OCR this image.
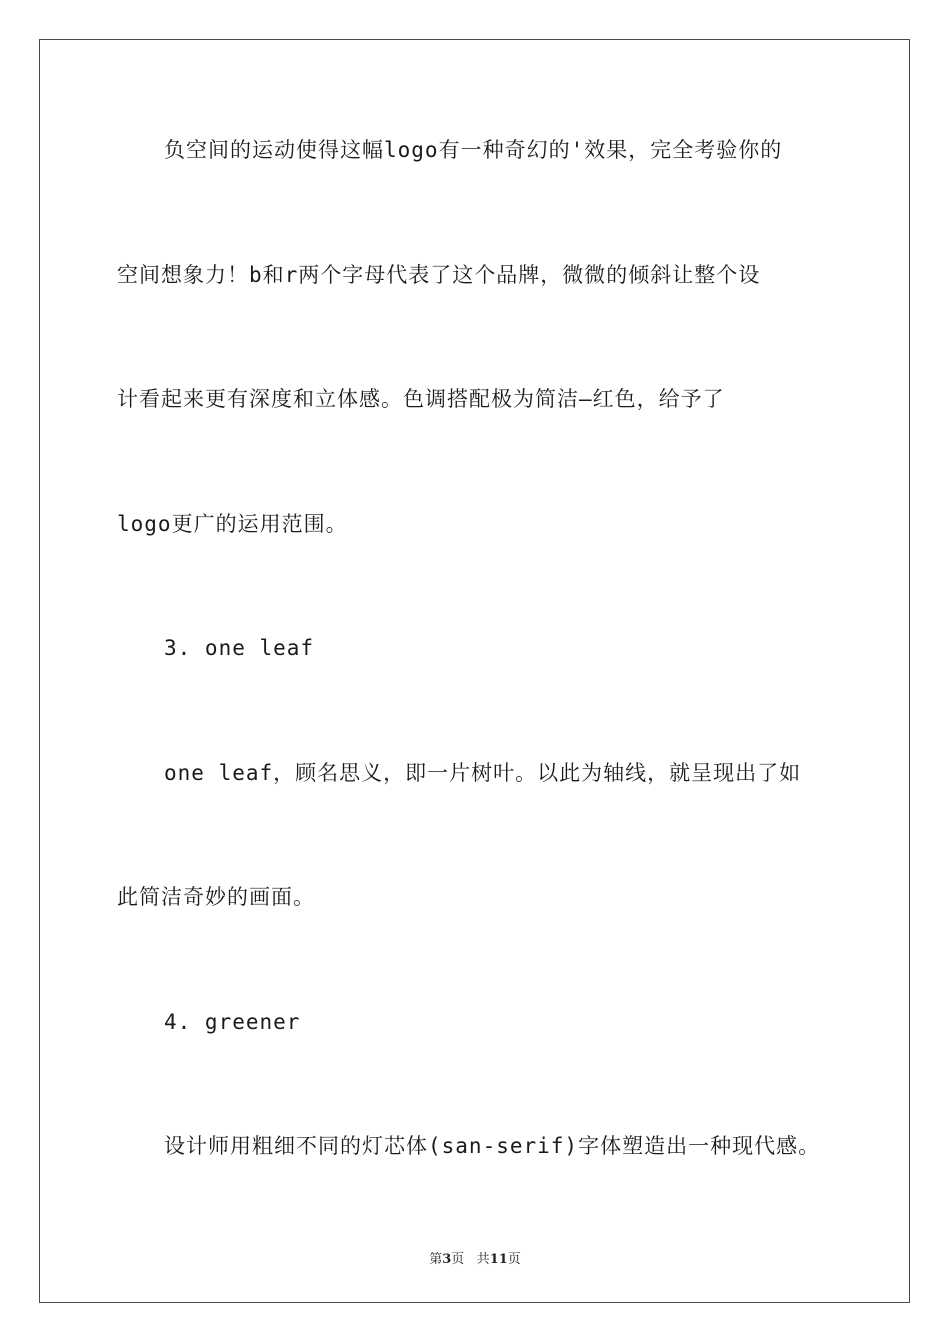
负空间的运动使得这幅logo有一种奇幻的'效果，完全考验你的
空间想象力！b和r两个字母代表了这个品牌，微微的倾斜让整个设
计看起来更有深度和立体感。色调搭配极为简洁—红色，给予了
logo更广的运用范围。
3. one leaf
one leaf，顾名思义，即一片树叶。以此为轴线，就呈现出了如
此简洁奇妙的画面。
4. greener
设计师用粗细不同的灯芯体(san-serif)字体塑造出一种现代感。
第3页 共11页
